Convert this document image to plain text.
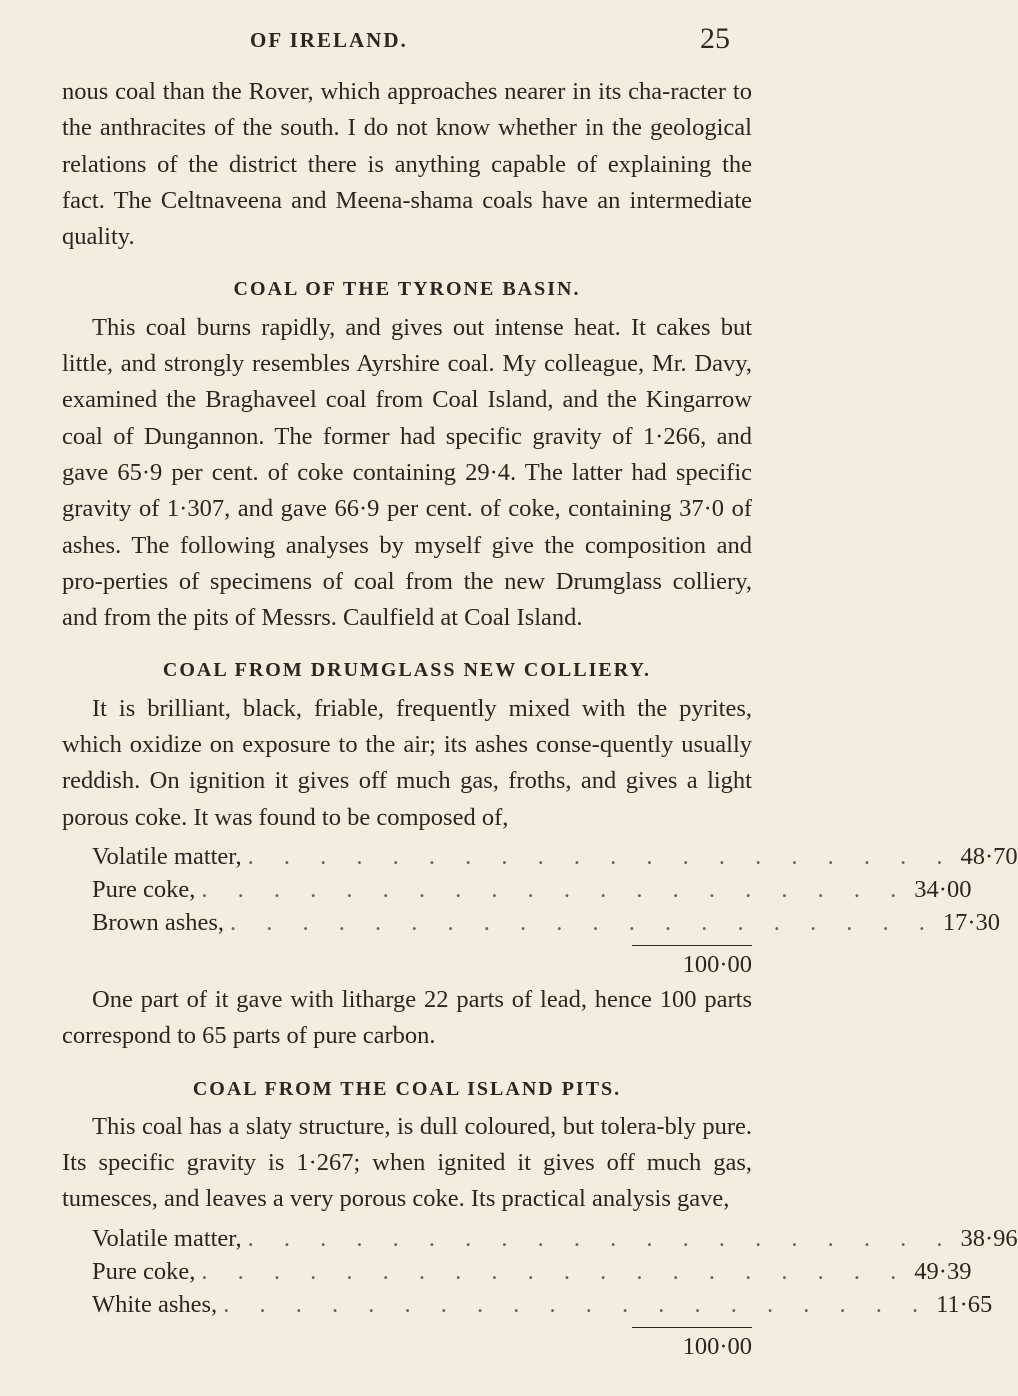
OF IRELAND.	25

nous coal than the Rover, which approaches nearer in its cha-racter to the anthracites of the south. I do not know whether in the geological relations of the district there is anything capable of explaining the fact. The Celtnaveena and Meena-shama coals have an intermediate quality.

COAL OF THE TYRONE BASIN.

This coal burns rapidly, and gives out intense heat. It cakes but little, and strongly resembles Ayrshire coal. My colleague, Mr. Davy, examined the Braghaveel coal from Coal Island, and the Kingarrow coal of Dungannon. The former had specific gravity of 1·266, and gave 65·9 per cent. of coke containing 29·4. The latter had specific gravity of 1·307, and gave 66·9 per cent. of coke, containing 37·0 of ashes. The following analyses by myself give the composition and pro-perties of specimens of coal from the new Drumglass colliery, and from the pits of Messrs. Caulfield at Coal Island.

COAL FROM DRUMGLASS NEW COLLIERY.

It is brilliant, black, friable, frequently mixed with the pyrites, which oxidize on exposure to the air; its ashes conse-quently usually reddish. On ignition it gives off much gas, froths, and gives a light porous coke. It was found to be composed of,

Volatile matter, . . . . . . . . . . . . . . . . . . . . 48·70
Pure coke, . . . . . . . . . . . . . . . . . . . . 34·00
Brown ashes, . . . . . . . . . . . . . . . . . . . . 17·30
100·00

One part of it gave with litharge 22 parts of lead, hence 100 parts correspond to 65 parts of pure carbon.

COAL FROM THE COAL ISLAND PITS.

This coal has a slaty structure, is dull coloured, but tolera-bly pure. Its specific gravity is 1·267; when ignited it gives off much gas, tumesces, and leaves a very porous coke. Its practical analysis gave,

Volatile matter, . . . . . . . . . . . . . . . . . . . . 38·96
Pure coke, . . . . . . . . . . . . . . . . . . . . 49·39
White ashes, . . . . . . . . . . . . . . . . . . . . 11·65
100·00
